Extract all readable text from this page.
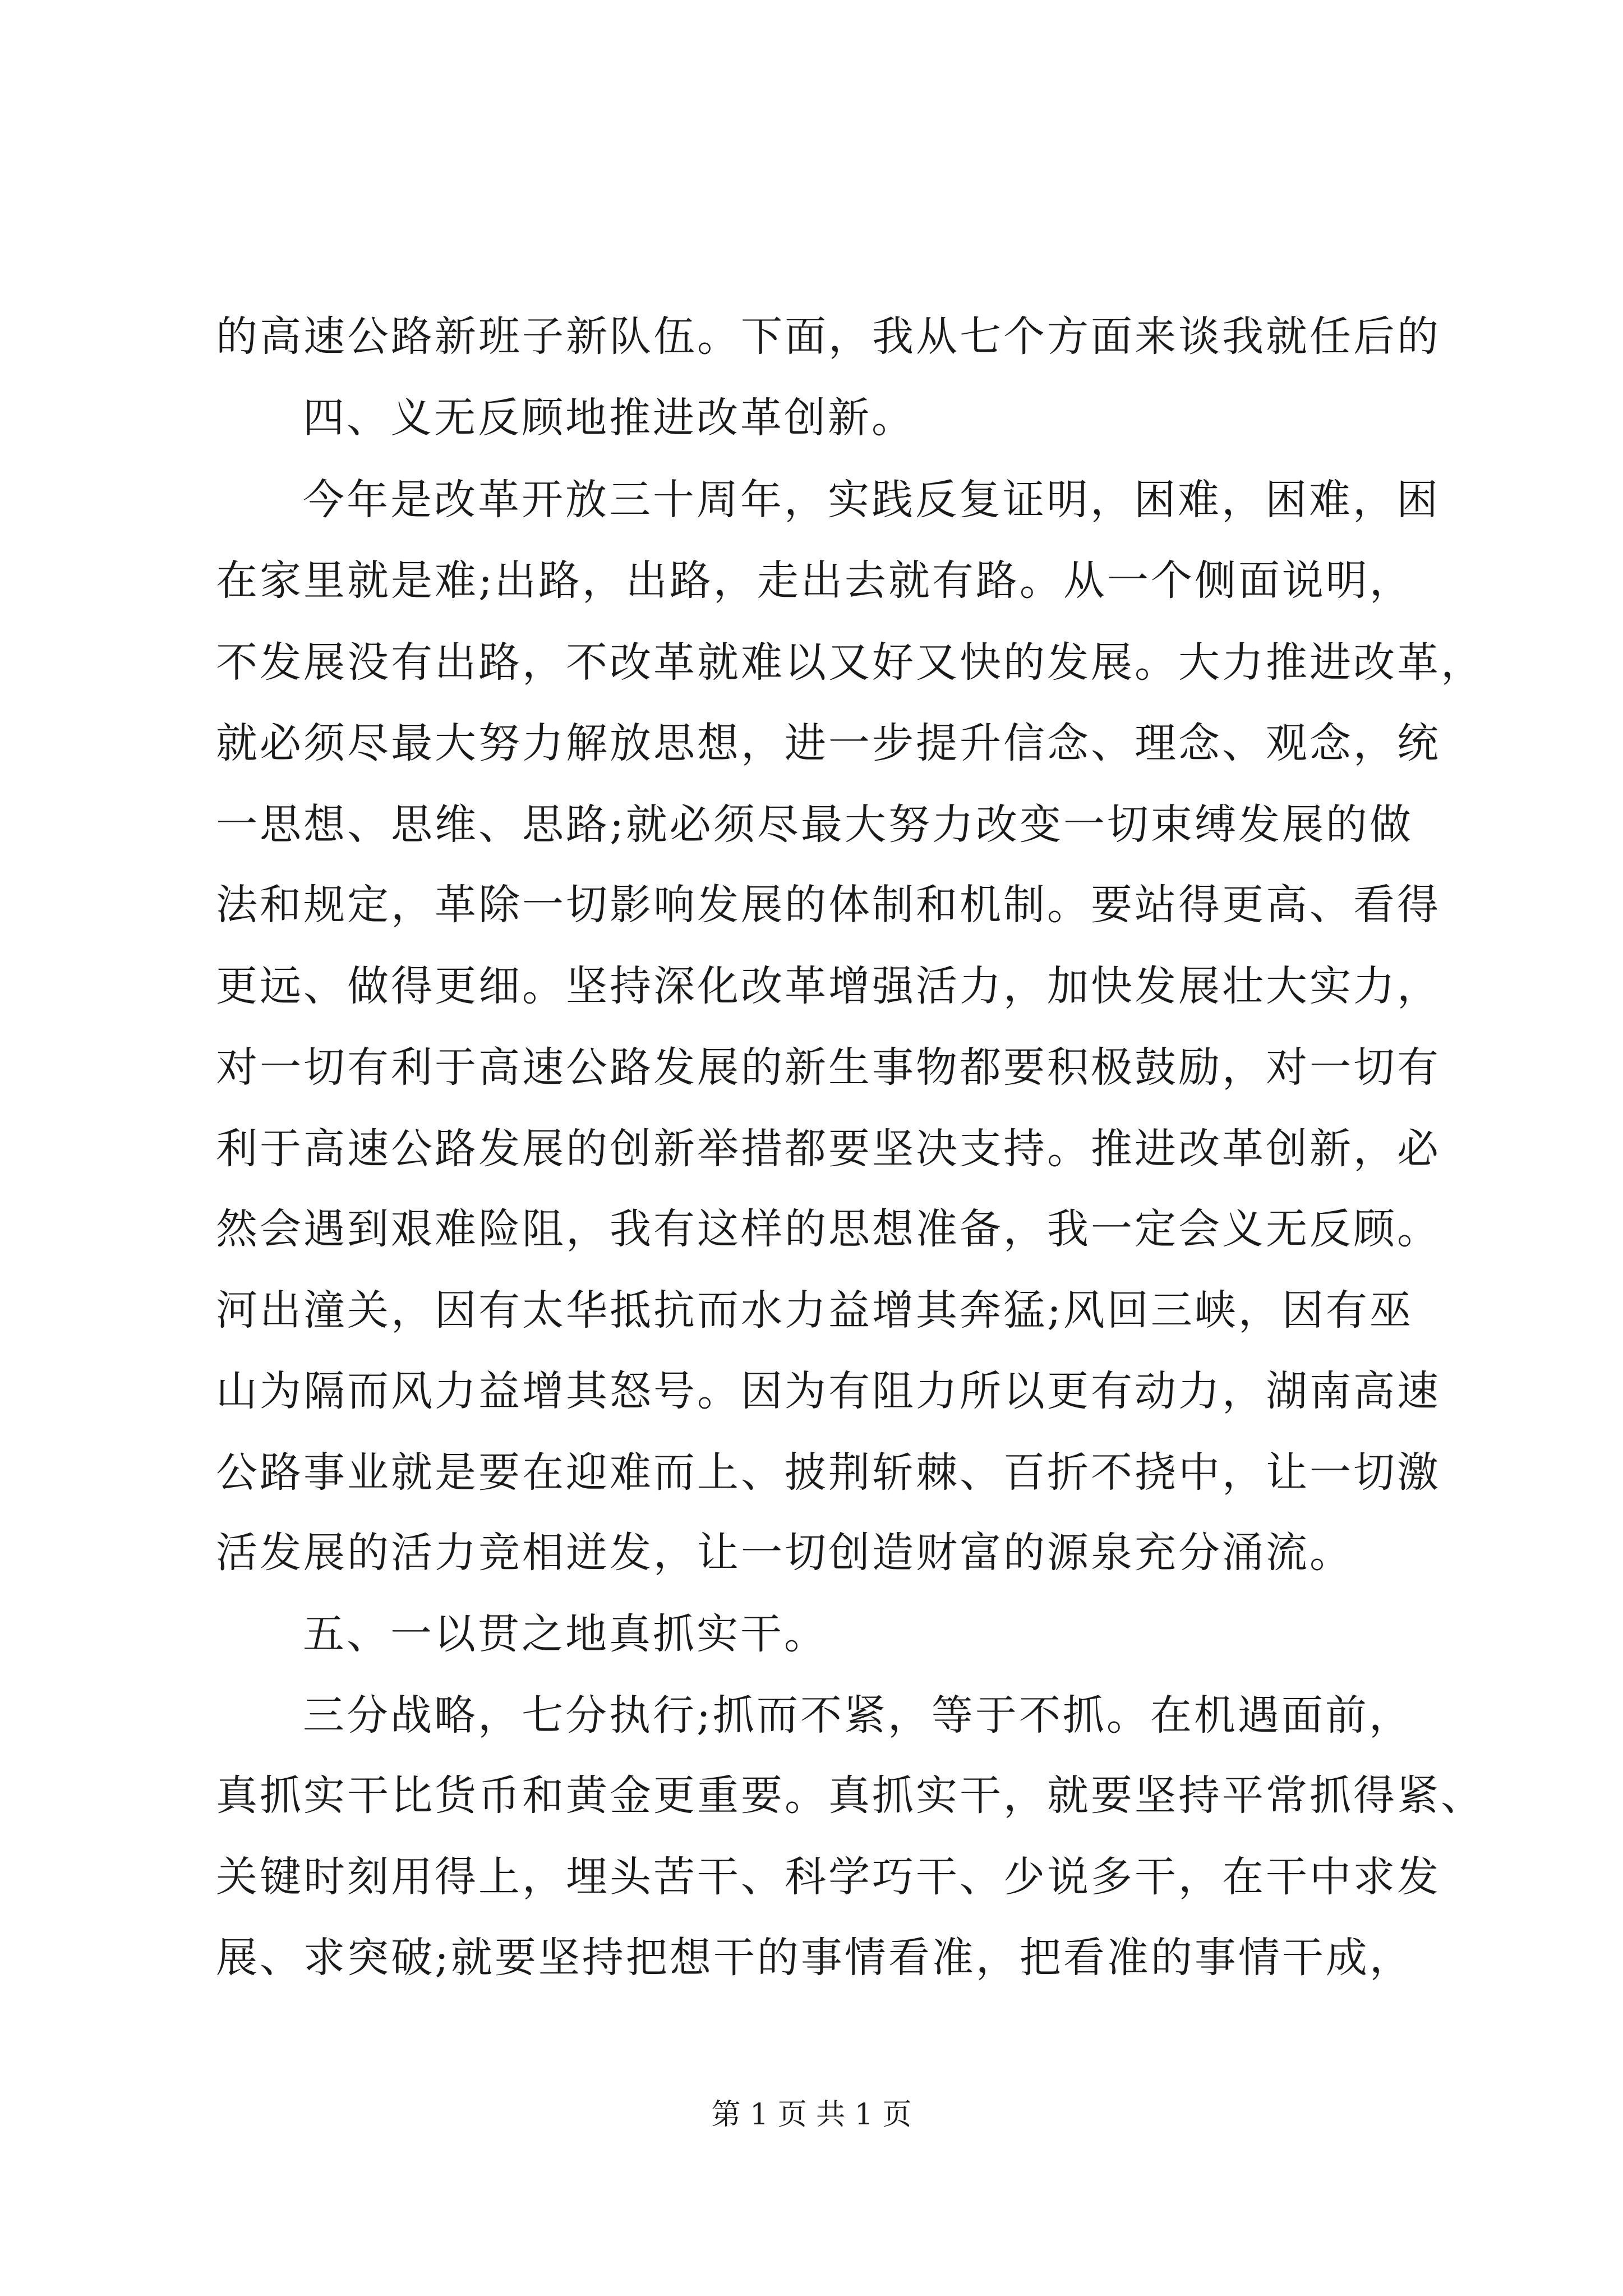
的高速公路新班子新队伍。下面，我从七个方面来谈我就任后的
四、义无反顾地推进改革创新。
今年是改革开放三十周年，实践反复证明，困难，困难，困
在家里就是难;出路，出路，走出去就有路。从一个侧面说明，
不发展没有出路，不改革就难以又好又快的发展。大力推进改革，
就必须尽最大努力解放思想，进一步提升信念、理念、观念，统
一思想、思维、思路;就必须尽最大努力改变一切束缚发展的做
法和规定，革除一切影响发展的体制和机制。要站得更高、看得
更远、做得更细。坚持深化改革增强活力，加快发展壮大实力，
对一切有利于高速公路发展的新生事物都要积极鼓励，对一切有
利于高速公路发展的创新举措都要坚决支持。推进改革创新，必
然会遇到艰难险阻，我有这样的思想准备，我一定会义无反顾。
河出潼关，因有太华抵抗而水力益增其奔猛;风回三峡，因有巫
山为隔而风力益增其怒号。因为有阻力所以更有动力，湖南高速
公路事业就是要在迎难而上、披荆斩棘、百折不挠中，让一切激
活发展的活力竞相迸发，让一切创造财富的源泉充分涌流。
五、一以贯之地真抓实干。
三分战略，七分执行;抓而不紧，等于不抓。在机遇面前，
真抓实干比货币和黄金更重要。真抓实干，就要坚持平常抓得紧、
关键时刻用得上，埋头苦干、科学巧干、少说多干，在干中求发
展、求突破;就要坚持把想干的事情看准，把看准的事情干成，
第 1 页 共 1 页
